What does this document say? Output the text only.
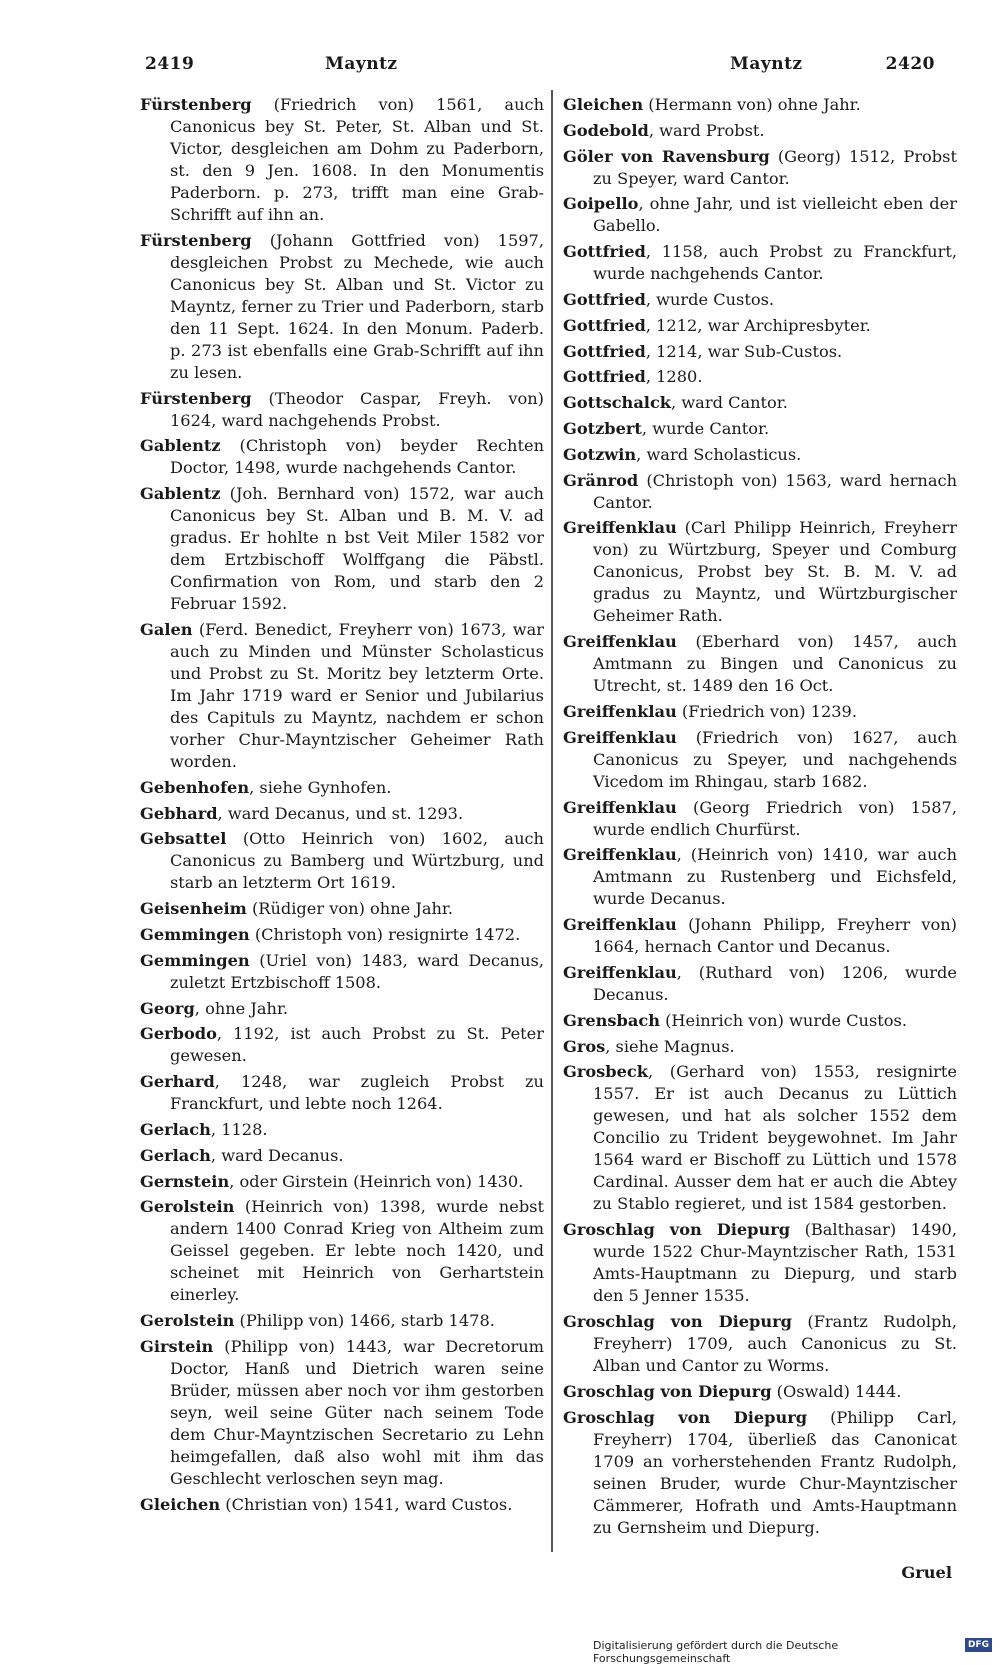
2419	Mayntz	Mayntz	2420

Fürstenberg (Friedrich von) 1561, auch Canonicus bey St. Peter, St. Alban und St. Victor, desgleichen am Dohm zu Paderborn, st. den 9 Jen. 1608. In den Monumentis Paderborn. p. 273, trifft man eine Grab-Schrifft auf ihn an.

Fürstenberg (Johann Gottfried von) 1597, desgleichen Probst zu Mechede, wie auch Canonicus bey St. Alban und St. Victor zu Mayntz, ferner zu Trier und Paderborn, starb den 11 Sept. 1624. In den Monum. Paderb. p. 273 ist ebenfalls eine Grab-Schrifft auf ihn zu lesen.

Fürstenberg (Theodor Caspar, Freyh. von) 1624, ward nachgehends Probst.

Gablentz (Christoph von) beyder Rechten Doctor, 1498, wurde nachgehends Cantor.

Gablentz (Joh. Bernhard von) 1572, war auch Canonicus bey St. Alban und B. M. V. ad gradus. Er hohlte n bst Veit Miler 1582 vor dem Ertzbischoff Wolffgang die Päbstl. Confirmation von Rom, und starb den 2 Februar 1592.

Galen (Ferd. Benedict, Freyherr von) 1673, war auch zu Minden und Münster Scholasticus und Probst zu St. Moritz bey letzterm Orte. Im Jahr 1719 ward er Senior und Jubilarius des Capituls zu Mayntz, nachdem er schon vorher Chur-Mayntzischer Geheimer Rath worden.

Gebenhofen, siehe Gynhofen.

Gebhard, ward Decanus, und st. 1293.

Gebsattel (Otto Heinrich von) 1602, auch Canonicus zu Bamberg und Würtzburg, und starb an letzterm Ort 1619.

Geisenheim (Rüdiger von) ohne Jahr.

Gemmingen (Christoph von) resignirte 1472.

Gemmingen (Uriel von) 1483, ward Decanus, zuletzt Ertzbischoff 1508.

Georg, ohne Jahr.

Gerbodo, 1192, ist auch Probst zu St. Peter gewesen.

Gerhard, 1248, war zugleich Probst zu Franckfurt, und lebte noch 1264.

Gerlach, 1128.

Gerlach, ward Decanus.

Gernstein, oder Girstein (Heinrich von) 1430.

Gerolstein (Heinrich von) 1398, wurde nebst andern 1400 Conrad Krieg von Altheim zum Geissel gegeben. Er lebte noch 1420, und scheinet mit Heinrich von Gerhartstein einerley.

Gerolstein (Philipp von) 1466, starb 1478.

Girstein (Philipp von) 1443, war Decretorum Doctor, Hanß und Dietrich waren seine Brüder, müssen aber noch vor ihm gestorben seyn, weil seine Güter nach seinem Tode dem Chur-Mayntzischen Secretario zu Lehn heimgefallen, daß also wohl mit ihm das Geschlecht verloschen seyn mag.

Gleichen (Christian von) 1541, ward Custos.

Gleichen (Hermann von) ohne Jahr.

Godebold, ward Probst.

Göler von Ravensburg (Georg) 1512, Probst zu Speyer, ward Cantor.

Goipello, ohne Jahr, und ist vielleicht eben der Gabello.

Gottfried, 1158, auch Probst zu Franckfurt, wurde nachgehends Cantor.

Gottfried, wurde Custos.

Gottfried, 1212, war Archipresbyter.

Gottfried, 1214, war Sub-Custos.

Gottfried, 1280.

Gottschalck, ward Cantor.

Gotzbert, wurde Cantor.

Gotzwin, ward Scholasticus.

Gränrod (Christoph von) 1563, ward hernach Cantor.

Greiffenklau (Carl Philipp Heinrich, Freyherr von) zu Würtzburg, Speyer und Comburg Canonicus, Probst bey St. B. M. V. ad gradus zu Mayntz, und Würtzburgischer Geheimer Rath.

Greiffenklau (Eberhard von) 1457, auch Amtmann zu Bingen und Canonicus zu Utrecht, st. 1489 den 16 Oct.

Greiffenklau (Friedrich von) 1239.

Greiffenklau (Friedrich von) 1627, auch Canonicus zu Speyer, und nachgehends Vicedom im Rhingau, starb 1682.

Greiffenklau (Georg Friedrich von) 1587, wurde endlich Churfürst.

Greiffenklau, (Heinrich von) 1410, war auch Amtmann zu Rustenberg und Eichsfeld, wurde Decanus.

Greiffenklau (Johann Philipp, Freyherr von) 1664, hernach Cantor und Decanus.

Greiffenklau, (Ruthard von) 1206, wurde Decanus.

Grensbach (Heinrich von) wurde Custos.

Gros, siehe Magnus.

Grosbeck, (Gerhard von) 1553, resignirte 1557. Er ist auch Decanus zu Lüttich gewesen, und hat als solcher 1552 dem Concilio zu Trident beygewohnet. Im Jahr 1564 ward er Bischoff zu Lüttich und 1578 Cardinal. Ausser dem hat er auch die Abtey zu Stablo regieret, und ist 1584 gestorben.

Groschlag von Diepurg (Balthasar) 1490, wurde 1522 Chur-Mayntzischer Rath, 1531 Amts-Hauptmann zu Diepurg, und starb den 5 Jenner 1535.

Groschlag von Diepurg (Frantz Rudolph, Freyherr) 1709, auch Canonicus zu St. Alban und Cantor zu Worms.

Groschlag von Diepurg (Oswald) 1444.

Groschlag von Diepurg (Philipp Carl, Freyherr) 1704, überließ das Canonicat 1709 an vorherstehenden Frantz Rudolph, seinen Bruder, wurde Chur-Mayntzischer Cämmerer, Hofrath und Amts-Hauptmann zu Gernsheim und Diepurg.

Gruel
Digitalisierung gefördert durch die Deutsche Forschungsgemeinschaft
DFG
